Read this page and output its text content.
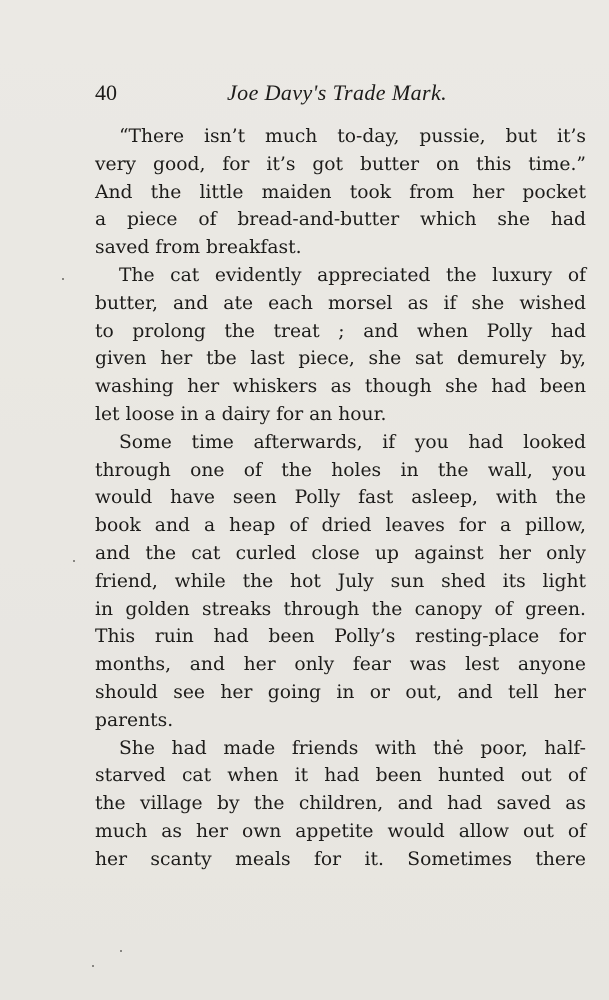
40	Joe Davy's Trade Mark.
“There isn’t much to-day, pussie, but it’s
very good, for it’s got butter on this time.”
And the little maiden took from her pocket
a piece of bread-and-butter which she had
saved from breakfast.
The cat evidently appreciated the luxury of
butter, and ate each morsel as if she wished
to prolong the treat ; and when Polly had
given her tbe last piece, she sat demurely by,
washing her whiskers as though she had been
let loose in a dairy for an hour.
Some time afterwards, if you had looked
through one of the holes in the wall, you
would have seen Polly fast asleep, with the
book and a heap of dried leaves for a pillow,
and the cat curled close up against her only
friend, while the hot July sun shed its light
in golden streaks through the canopy of green.
This ruin had been Polly’s resting-place for
months, and her only fear was lest anyone
should see her going in or out, and tell her
parents.
She had made friends with thė poor, half-
starved cat when it had been hunted out of
the village by the children, and had saved as
much as her own appetite would allow out of
her scanty meals for it. Sometimes there
